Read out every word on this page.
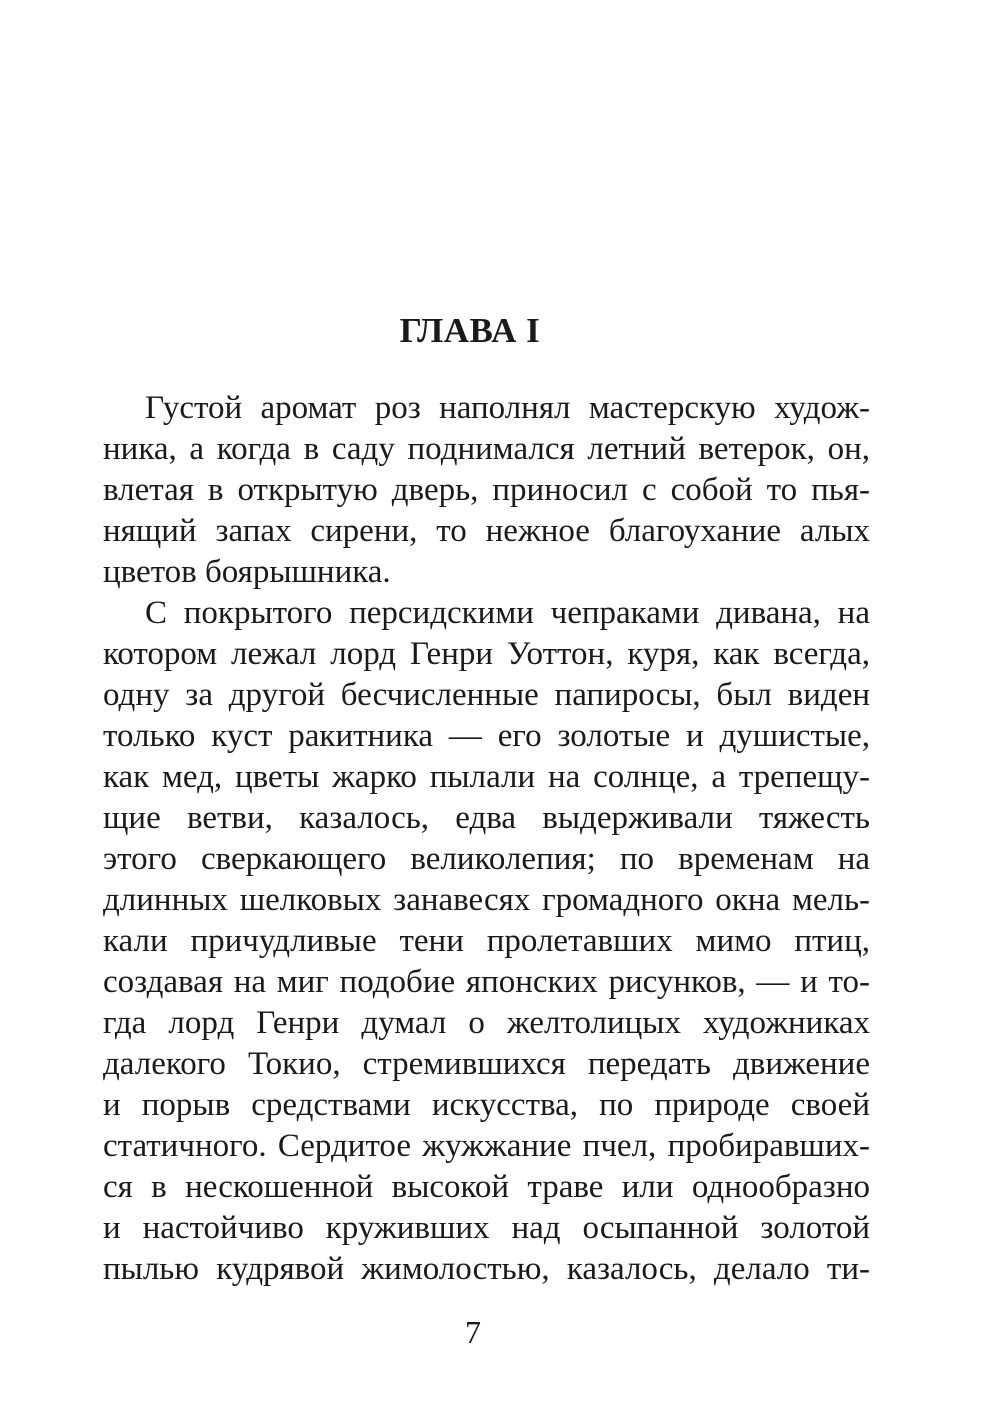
ГЛАВА I
Густой аромат роз наполнял мастерскую худож-
ника, а когда в саду поднимался летний ветерок, он,
влетая в открытую дверь, приносил с собой то пья-
нящий запах сирени, то нежное благоухание алых
цветов боярышника.
С покрытого персидскими чепраками дивана, на
котором лежал лорд Генри Уоттон, куря, как всегда,
одну за другой бесчисленные папиросы, был виден
только куст ракитника — его золотые и душистые,
как мед, цветы жарко пылали на солнце, а трепещу-
щие ветви, казалось, едва выдерживали тяжесть
этого сверкающего великолепия; по временам на
длинных шелковых занавесях громадного окна мель-
кали причудливые тени пролетавших мимо птиц,
создавая на миг подобие японских рисунков, — и то-
гда лорд Генри думал о желтолицых художниках
далекого Токио, стремившихся передать движение
и порыв средствами искусства, по природе своей
статичного. Сердитое жужжание пчел, пробиравших-
ся в нескошенной высокой траве или однообразно
и настойчиво круживших над осыпанной золотой
пылью кудрявой жимолостью, казалось, делало ти-
7
